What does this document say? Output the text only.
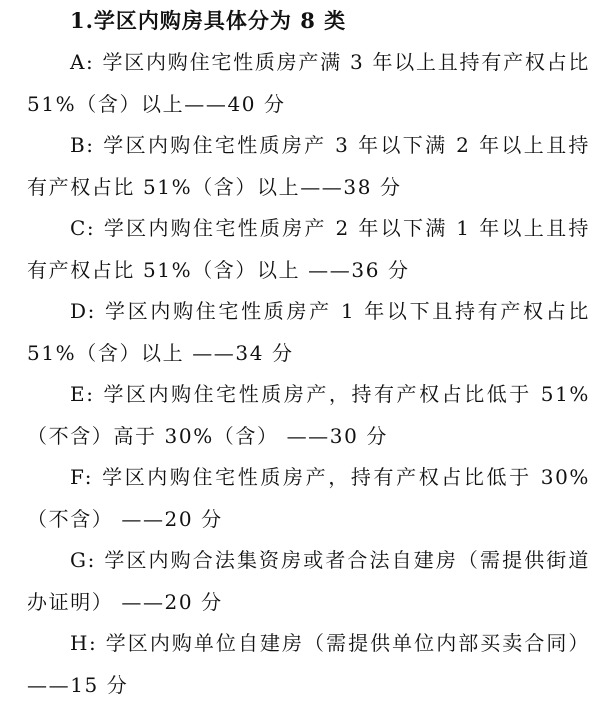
1.学区内购房具体分为 8 类

A: 学区内购住宅性质房产满 3 年以上且持有产权占比 51%（含）以上——40 分

B: 学区内购住宅性质房产 3 年以下满 2 年以上且持有产权占比 51%（含）以上——38 分

C: 学区内购住宅性质房产 2 年以下满 1 年以上且持有产权占比 51%（含）以上 ——36 分

D: 学区内购住宅性质房产 1 年以下且持有产权占比 51%（含）以上 ——34 分

E: 学区内购住宅性质房产，持有产权占比低于 51%（不含）高于 30%（含） ——30 分

F: 学区内购住宅性质房产，持有产权占比低于 30%（不含） ——20 分

G: 学区内购合法集资房或者合法自建房（需提供街道办证明） ——20 分

H: 学区内购单位自建房（需提供单位内部买卖合同）——15 分
